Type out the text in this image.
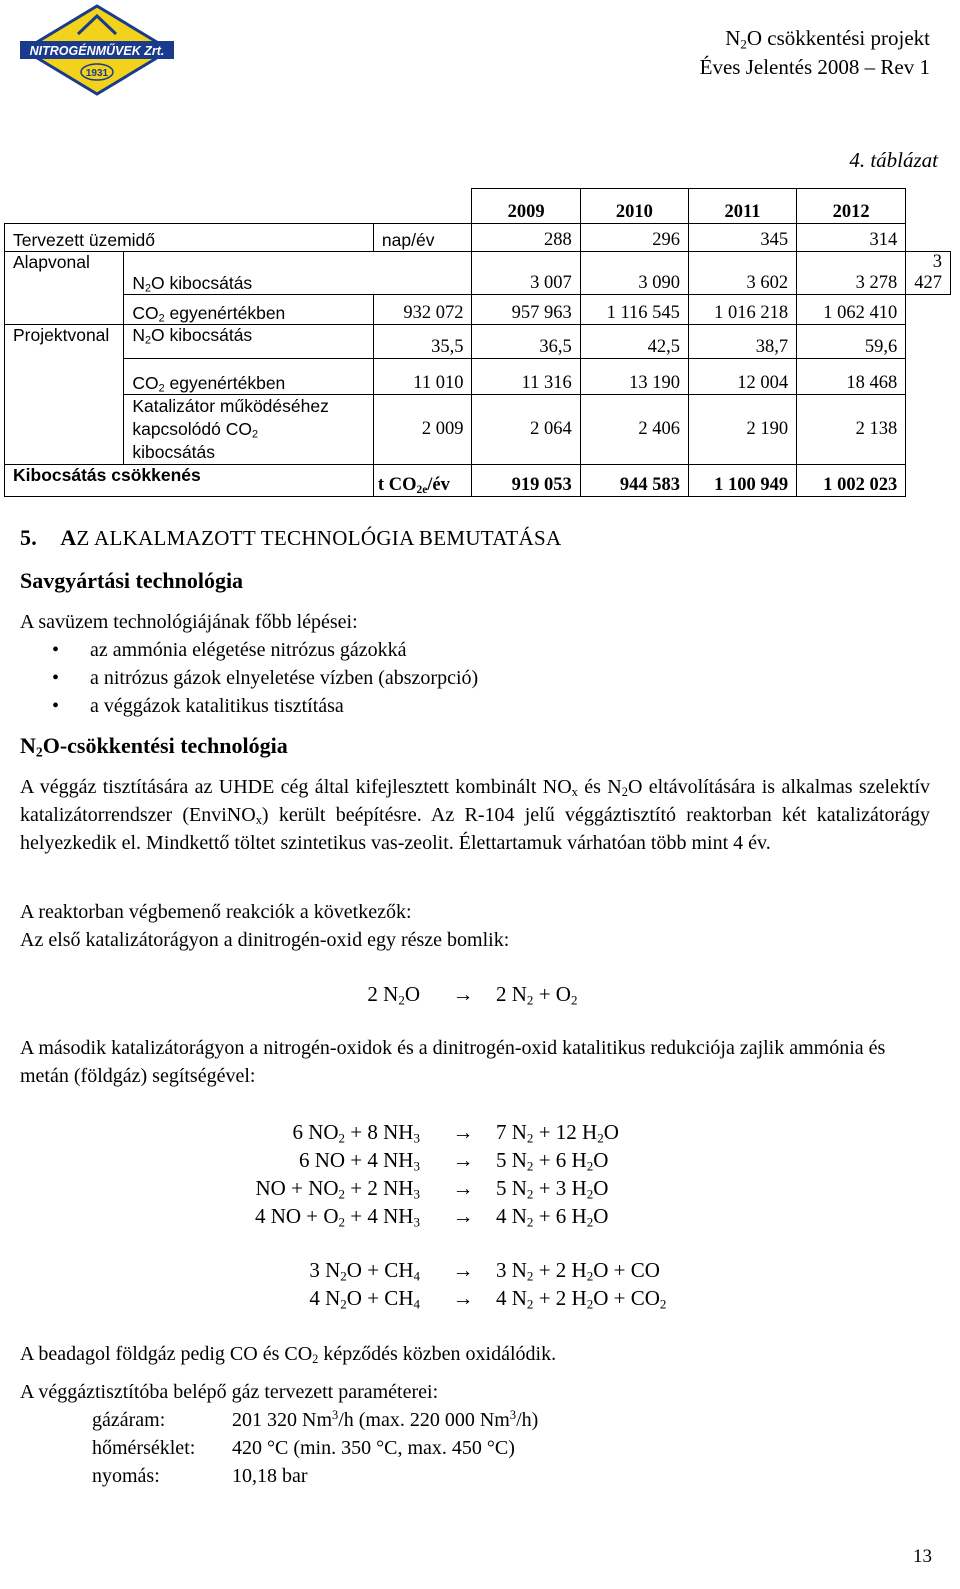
NITROGÉNMŰVEK Zrt.
1931
$N_2O$ csökkentési projekt
Éves Jelentés 2008 – Rev 1
4. táblázat
			2009	2010	2011	2012	
Tervezett üzemidő		nap/év	288	296	345	314	
Alapvonal	$N_2O$ kibocsátás		3 007	3 090	3 602	3 278	3 427
	$CO_2$ egyenértékben	932 072	957 963	1 116 545	1 016 218	1 062 410	
Projektvonal	$N_2O$ kibocsátás	35,5	36,5	42,5	38,7	59,6	
	$CO_2$ egyenértékben	11 010	11 316	13 190	12 004	18 468	
	Katalizátor működéséhez
kapcsolódó $CO_2$
kibocsátás	2 009	2 064	2 406	2 190	2 138	
Kibocsátás csökkenés		t $CO_{2e}/év$	919 053	944 583	1 100 949	1 002 023	
5. AZ ALKALMAZOTT TECHNOLÓGIA BEMUTATÁSA
Savgyártási technológia
A savüzem technológiájának főbb lépései:
• az ammónia elégetése nitrózus gázokká
• a nitrózus gázok elnyeletése vízben (abszorpció)
• a véggázok katalitikus tisztítása
$N_2O$-csökkentési technológia
A véggáz tisztítására az UHDE cég által kifejlesztett kombinált $NO_x$ és $N_2O$ eltávolítására is alkalmas szelektív katalizátorrendszer (EnviNO$_x$) került beépítésre. Az R-104 jelű véggáztisztító reaktorban két katalizátorágy helyezkedik el. Mindkettő töltet szintetikus vas-zeolit. Élettartamuk várhatóan több mint 4 év.
A reaktorban végbemenő reakciók a következők:
Az első katalizátorágyon a dinitrogén-oxid egy része bomlik:
2 $N_2O$	→	2 $N_2 + O_2$
A második katalizátorágyon a nitrogén-oxidok és a dinitrogén-oxid katalitikus redukciója zajlik ammónia és metán (földgáz) segítségével:
6 $NO_2 + 8$ $NH_3$	→	7 $N_2 + 12$ $H_2O$
6 NO + 4 $NH_3$	→	5 $N_2 + 6$ $H_2O$
NO + $NO_2 + 2$ $NH_3$	→	5 $N_2 + 3$ $H_2O$
4 NO + $O_2 + 4$ $NH_3$	→	4 $N_2 + 6$ $H_2O$
3 $N_2O + CH_4$	→	3 $N_2 + 2$ $H_2O$ + CO
4 $N_2O + CH_4$	→	4 $N_2 + 2$ $H_2O + CO_2$
A beadagol földgáz pedig CO és $CO_2$ képződés közben oxidálódik.
A véggáztisztítóba belépő gáz tervezett paraméterei:
gázáram:	201 320 Nm$^3$/h (max. 220 000 Nm$^3$/h)
hőmérséklet:	420 °C (min. 350 °C, max. 450 °C)
nyomás:	10,18 bar
13
